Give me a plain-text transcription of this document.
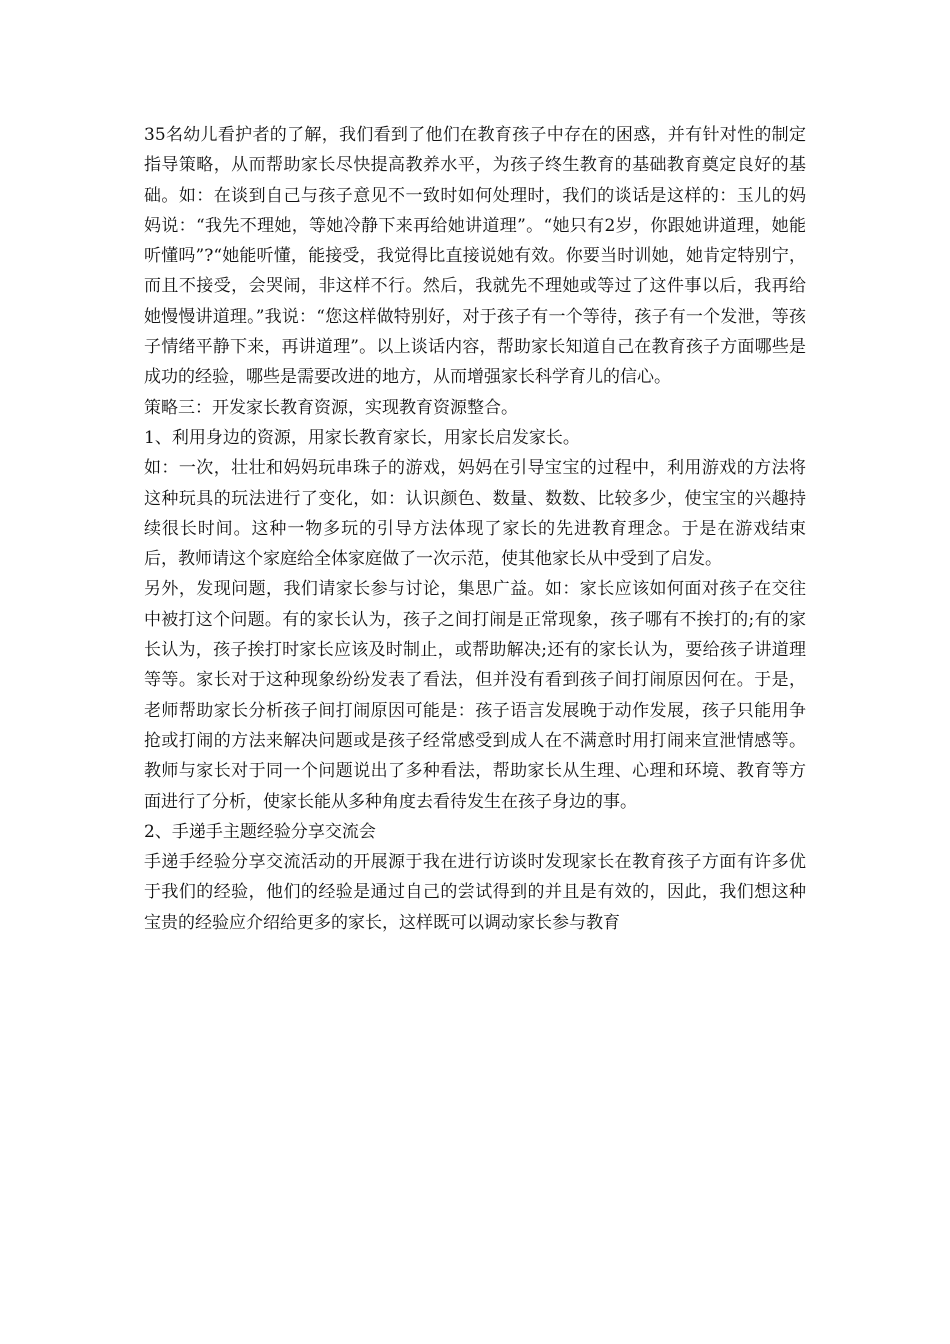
35名幼儿看护者的了解，我们看到了他们在教育孩子中存在的困惑，并有针对性的制定指导策略，从而帮助家长尽快提高教养水平，为孩子终生教育的基础教育奠定良好的基础。如：在谈到自己与孩子意见不一致时如何处理时，我们的谈话是这样的：玉儿的妈妈说：“我先不理她，等她冷静下来再给她讲道理”。“她只有2岁，你跟她讲道理，她能听懂吗”?“她能听懂，能接受，我觉得比直接说她有效。你要当时训她，她肯定特别宁，而且不接受，会哭闹，非这样不行。然后，我就先不理她或等过了这件事以后，我再给她慢慢讲道理。”我说：“您这样做特别好，对于孩子有一个等待，孩子有一个发泄，等孩子情绪平静下来，再讲道理”。以上谈话内容，帮助家长知道自己在教育孩子方面哪些是成功的经验，哪些是需要改进的地方，从而增强家长科学育儿的信心。

策略三：开发家长教育资源，实现教育资源整合。

1、利用身边的资源，用家长教育家长，用家长启发家长。

如：一次，壮壮和妈妈玩串珠子的游戏，妈妈在引导宝宝的过程中，利用游戏的方法将这种玩具的玩法进行了变化，如：认识颜色、数量、数数、比较多少，使宝宝的兴趣持续很长时间。这种一物多玩的引导方法体现了家长的先进教育理念。于是在游戏结束后，教师请这个家庭给全体家庭做了一次示范，使其他家长从中受到了启发。

另外，发现问题，我们请家长参与讨论，集思广益。如：家长应该如何面对孩子在交往中被打这个问题。有的家长认为，孩子之间打闹是正常现象，孩子哪有不挨打的;有的家长认为，孩子挨打时家长应该及时制止，或帮助解决;还有的家长认为，要给孩子讲道理等等。家长对于这种现象纷纷发表了看法，但并没有看到孩子间打闹原因何在。于是，老师帮助家长分析孩子间打闹原因可能是：孩子语言发展晚于动作发展，孩子只能用争抢或打闹的方法来解决问题或是孩子经常感受到成人在不满意时用打闹来宣泄情感等。教师与家长对于同一个问题说出了多种看法，帮助家长从生理、心理和环境、教育等方面进行了分析，使家长能从多种角度去看待发生在孩子身边的事。

2、手递手主题经验分享交流会

手递手经验分享交流活动的开展源于我在进行访谈时发现家长在教育孩子方面有许多优于我们的经验，他们的经验是通过自己的尝试得到的并且是有效的，因此，我们想这种宝贵的经验应介绍给更多的家长，这样既可以调动家长参与教育
